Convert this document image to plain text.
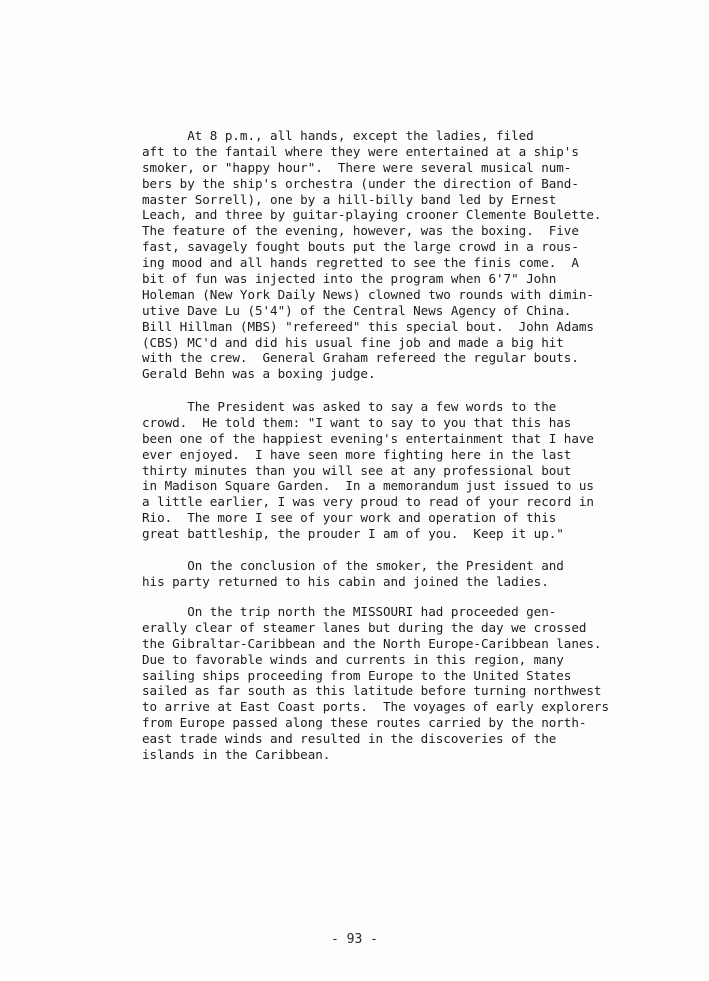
At 8 p.m., all hands, except the ladies, filed
aft to the fantail where they were entertained at a ship's
smoker, or "happy hour".  There were several musical num-
bers by the ship's orchestra (under the direction of Band-
master Sorrell), one by a hill-billy band led by Ernest
Leach, and three by guitar-playing crooner Clemente Boulette.
The feature of the evening, however, was the boxing.  Five
fast, savagely fought bouts put the large crowd in a rous-
ing mood and all hands regretted to see the finis come.  A
bit of fun was injected into the program when 6'7" John
Holeman (New York Daily News) clowned two rounds with dimin-
utive Dave Lu (5'4") of the Central News Agency of China.
Bill Hillman (MBS) "refereed" this special bout.  John Adams
(CBS) MC'd and did his usual fine job and made a big hit
with the crew.  General Graham refereed the regular bouts.
Gerald Behn was a boxing judge.
The President was asked to say a few words to the
crowd.  He told them: "I want to say to you that this has
been one of the happiest evening's entertainment that I have
ever enjoyed.  I have seen more fighting here in the last
thirty minutes than you will see at any professional bout
in Madison Square Garden.  In a memorandum just issued to us
a little earlier, I was very proud to read of your record in
Rio.  The more I see of your work and operation of this
great battleship, the prouder I am of you.  Keep it up."
On the conclusion of the smoker, the President and
his party returned to his cabin and joined the ladies.
On the trip north the MISSOURI had proceeded gen-
erally clear of steamer lanes but during the day we crossed
the Gibraltar-Caribbean and the North Europe-Caribbean lanes.
Due to favorable winds and currents in this region, many
sailing ships proceeding from Europe to the United States
sailed as far south as this latitude before turning northwest
to arrive at East Coast ports.  The voyages of early explorers
from Europe passed along these routes carried by the north-
east trade winds and resulted in the discoveries of the
islands in the Caribbean.
- 93 -
